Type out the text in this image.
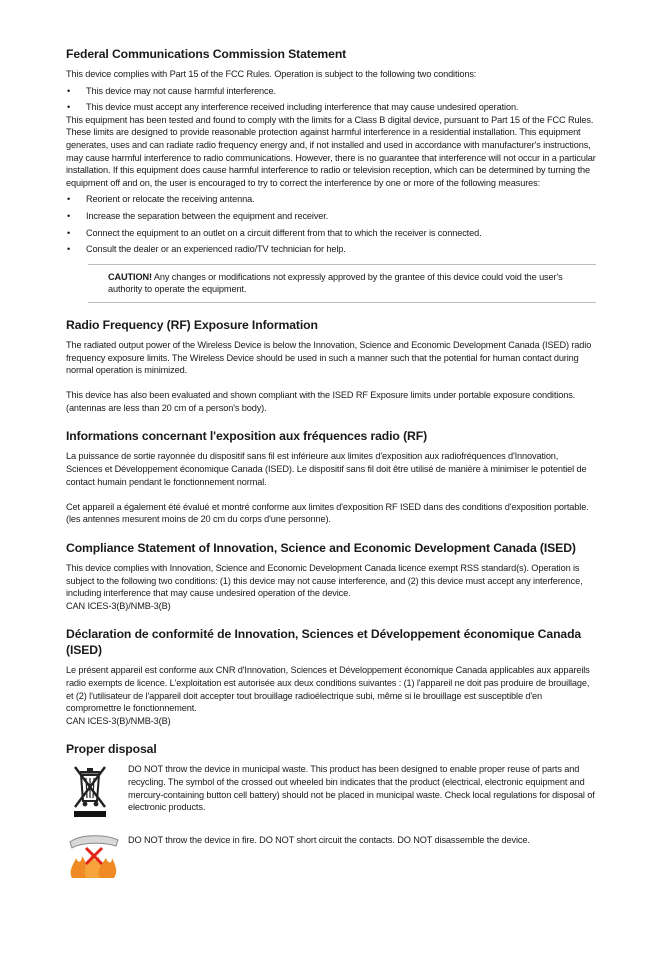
Federal Communications Commission Statement

This device complies with Part 15 of the FCC Rules. Operation is subject to the following two conditions:

• This device may not cause harmful interference.
• This device must accept any interference received including interference that may cause undesired operation.

This equipment has been tested and found to comply with the limits for a Class B digital device, pursuant to Part 15 of the FCC Rules. These limits are designed to provide reasonable protection against harmful interference in a residential installation. This equipment generates, uses and can radiate radio frequency energy and, if not installed and used in accordance with manufacturer's instructions, may cause harmful interference to radio communications. However, there is no guarantee that interference will not occur in a particular installation. If this equipment does cause harmful interference to radio or television reception, which can be determined by turning the equipment off and on, the user is encouraged to try to correct the interference by one or more of the following measures:

• Reorient or relocate the receiving antenna.
• Increase the separation between the equipment and receiver.
• Connect the equipment to an outlet on a circuit different from that to which the receiver is connected.
• Consult the dealer or an experienced radio/TV technician for help.

CAUTION! Any changes or modifications not expressly approved by the grantee of this device could void the user's authority to operate the equipment.

Radio Frequency (RF) Exposure Information

The radiated output power of the Wireless Device is below the Innovation, Science and Economic Development Canada (ISED) radio frequency exposure limits. The Wireless Device should be used in such a manner such that the potential for human contact during normal operation is minimized.

This device has also been evaluated and shown compliant with the ISED RF Exposure limits under portable exposure conditions. (antennas are less than 20 cm of a person's body).

Informations concernant l'exposition aux fréquences radio (RF)

La puissance de sortie rayonnée du dispositif sans fil est inférieure aux limites d'exposition aux radiofréquences d'Innovation, Sciences et Développement économique Canada (ISED). Le dispositif sans fil doit être utilisé de manière à minimiser le potentiel de contact humain pendant le fonctionnement normal.

Cet appareil a également été évalué et montré conforme aux limites d'exposition RF ISED dans des conditions d'exposition portable. (les antennes mesurent moins de 20 cm du corps d'une personne).

Compliance Statement of Innovation, Science and Economic Development Canada (ISED)

This device complies with Innovation, Science and Economic Development Canada licence exempt RSS standard(s). Operation is subject to the following two conditions: (1) this device may not cause interference, and (2) this device must accept any interference, including interference that may cause undesired operation of the device.

CAN ICES-3(B)/NMB-3(B)

Déclaration de conformité de Innovation, Sciences et Développement économique Canada (ISED)

Le présent appareil est conforme aux CNR d'Innovation, Sciences et Développement économique Canada applicables aux appareils radio exempts de licence. L'exploitation est autorisée aux deux conditions suivantes : (1) l'appareil ne doit pas produire de brouillage, et (2) l'utilisateur de l'appareil doit accepter tout brouillage radioélectrique subi, même si le brouillage est susceptible d'en compromettre le fonctionnement.

CAN ICES-3(B)/NMB-3(B)

Proper disposal

DO NOT throw the device in municipal waste. This product has been designed to enable proper reuse of parts and recycling. The symbol of the crossed out wheeled bin indicates that the product (electrical, electronic equipment and mercury-containing button cell battery) should not be placed in municipal waste. Check local regulations for disposal of electronic products.

DO NOT throw the device in fire. DO NOT short circuit the contacts. DO NOT disassemble the device.
